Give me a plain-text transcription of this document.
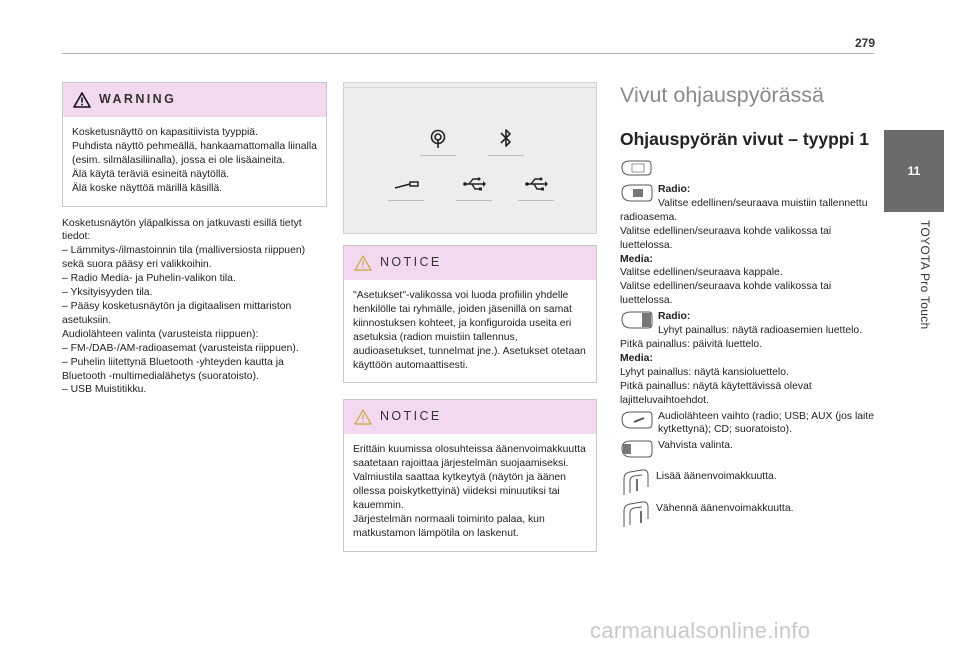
279
11
TOYOTA Pro Touch
WARNING

Kosketusnäyttö on kapasitiivista tyyppiä.

Puhdista näyttö pehmeällä, hankaamattomalla liinalla (esim. silmälasiliinalla), jossa ei ole lisäaineita.

Älä käytä teräviä esineitä näytöllä.

Älä koske näyttöä märillä käsillä.

Kosketusnäytön yläpalkissa on jatkuvasti esillä tietyt tiedot:

– Lämmitys-/ilmastoinnin tila (malliversiosta riippuen) sekä suora pääsy eri valikkoihin.

– Radio Media- ja Puhelin-valikon tila.

– Yksityisyyden tila.

– Pääsy kosketusnäytön ja digitaalisen mittariston asetuksiin.

Audiolähteen valinta (varusteista riippuen):

– FM-/DAB-/AM-radioasemat (varusteista riippuen).

– Puhelin liitettynä Bluetooth -yhteyden kautta ja Bluetooth -multimedialähetys (suoratoisto).

– USB Muistitikku.

NOTICE

"Asetukset"-valikossa voi luoda profiilin yhdelle henkilölle tai ryhmälle, joiden jäsenillä on samat kiinnostuksen kohteet, ja konfiguroida useita eri asetuksia (radion muistiin tallennus, audioasetukset, tunnelmat jne.). Asetukset otetaan käyttöön automaattisesti.

NOTICE

Erittäin kuumissa olosuhteissa äänenvoimakkuutta saatetaan rajoittaa järjestelmän suojaamiseksi. Valmiustila saattaa kytkeytyä (näytön ja äänen ollessa poiskytkettyinä) viideksi minuutiksi tai kauemmin.

Järjestelmän normaali toiminto palaa, kun matkustamon lämpötila on laskenut.

Vivut ohjauspyörässä
Ohjauspyörän vivut – tyyppi 1

Radio:

Valitse edellinen/seuraava muistiin tallennettu radioasema.

Valitse edellinen/seuraava kohde valikossa tai luettelossa.

Media:

Valitse edellinen/seuraava kappale.

Valitse edellinen/seuraava kohde valikossa tai luettelossa.

Radio:

Lyhyt painallus: näytä radioasemien luettelo.

Pitkä painallus: päivitä luettelo.

Media:

Lyhyt painallus: näytä kansioluettelo.

Pitkä painallus: näytä käytettävissä olevat lajitteluvaihtoehdot.

Audiolähteen vaihto (radio; USB; AUX (jos laite kytkettynä); CD; suoratoisto).

Vahvista valinta.

Lisää äänenvoimakkuutta.

Vähennä äänenvoimakkuutta.

carmanualsonline.info
